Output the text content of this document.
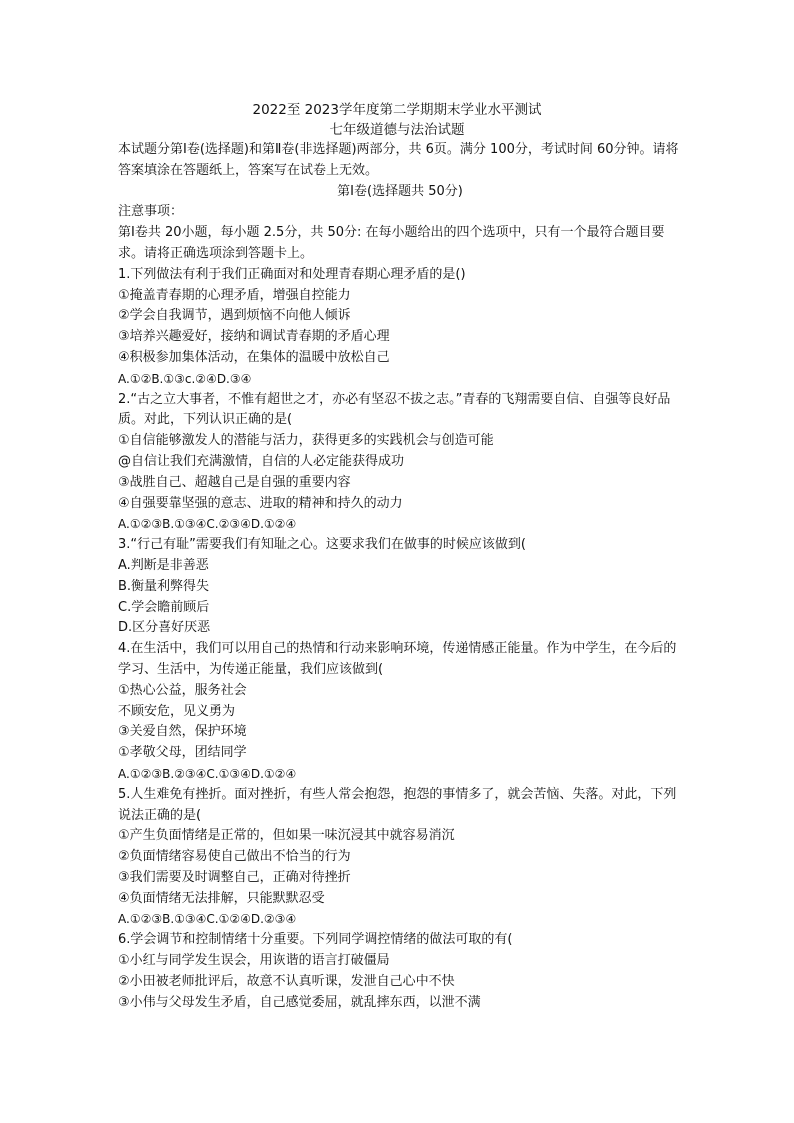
2022至 2023学年度第二学期期末学业水平测试
七年级道德与法治试题
本试题分第Ⅰ卷(选择题)和第Ⅱ卷(非选择题)两部分，共 6页。满分 100分，考试时间 60分钟。请将答案填涂在答题纸上，答案写在试卷上无效。
第Ⅰ卷(选择题共 50分)
注意事项：
第Ⅰ卷共 20小题，每小题 2.5分，共 50分: 在每小题给出的四个选项中，只有一个最符合题目要求。请将正确选项涂到答题卡上。
1.下列做法有利于我们正确面对和处理青春期心理矛盾的是()
①掩盖青春期的心理矛盾，增强自控能力
②学会自我调节，遇到烦恼不向他人倾诉
③培养兴趣爱好，接纳和调试青春期的矛盾心理
④积极参加集体活动，在集体的温暖中放松自己
A.①②B.①③c.②④D.③④
2.“古之立大事者，不惟有超世之才，亦必有坚忍不拔之志。”青春的飞翔需要自信、自强等良好品质。对此，下列认识正确的是(
①自信能够激发人的潜能与活力，获得更多的实践机会与创造可能
@自信让我们充满激情，自信的人必定能获得成功
③战胜自己、超越自己是自强的重要内容
④自强要靠坚强的意志、进取的精神和持久的动力
A.①②③B.①③④C.②③④D.①②④
3.“行己有耻”需要我们有知耻之心。这要求我们在做事的时候应该做到(
A.判断是非善恶
B.衡量利弊得失
C.学会瞻前顾后
D.区分喜好厌恶
4.在生活中，我们可以用自己的热情和行动来影响环境，传递情感正能量。作为中学生，在今后的学习、生活中，为传递正能量，我们应该做到(
①热心公益，服务社会
不顾安危，见义勇为
③关爱自然，保护环境
①孝敬父母，团结同学
A.①②③B.②③④C.①③④D.①②④
5.人生难免有挫折。面对挫折，有些人常会抱怨，抱怨的事情多了，就会苦恼、失落。对此，下列说法正确的是(
①产生负面情绪是正常的，但如果一味沉浸其中就容易消沉
②负面情绪容易使自己做出不恰当的行为
③我们需要及时调整自己，正确对待挫折
④负面情绪无法排解，只能默默忍受
A.①②③B.①③④C.①②④D.②③④
6.学会调节和控制情绪十分重要。下列同学调控情绪的做法可取的有(
①小红与同学发生误会，用诙谐的语言打破僵局
②小田被老师批评后，故意不认真听课，发泄自己心中不快
③小伟与父母发生矛盾，自己感觉委屈，就乱摔东西，以泄不满
